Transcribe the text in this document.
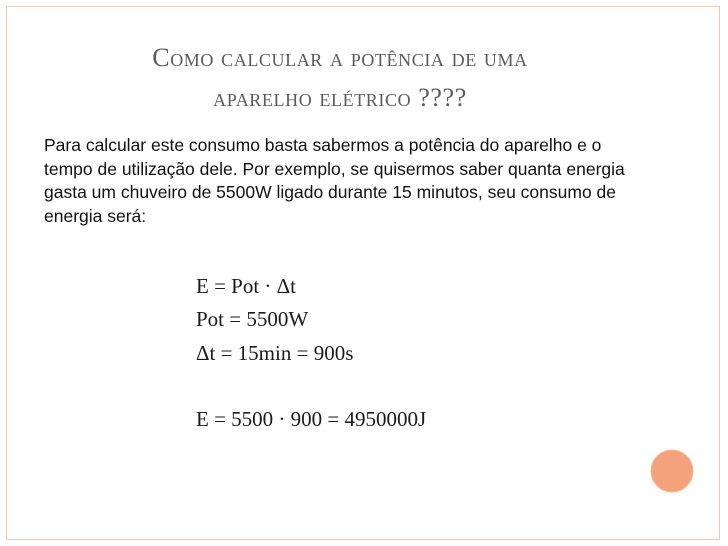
Como calcular a potência de uma
aparelho elétrico ????
Para calcular este consumo basta sabermos a potência do aparelho e o tempo de utilização dele. Por exemplo, se quisermos saber quanta energia gasta um chuveiro de 5500W ligado durante 15 minutos, seu consumo de energia será:
E = Pot · Δt
Pot = 5500W
Δt = 15min = 900s
E = 5500 · 900 = 4950000J
